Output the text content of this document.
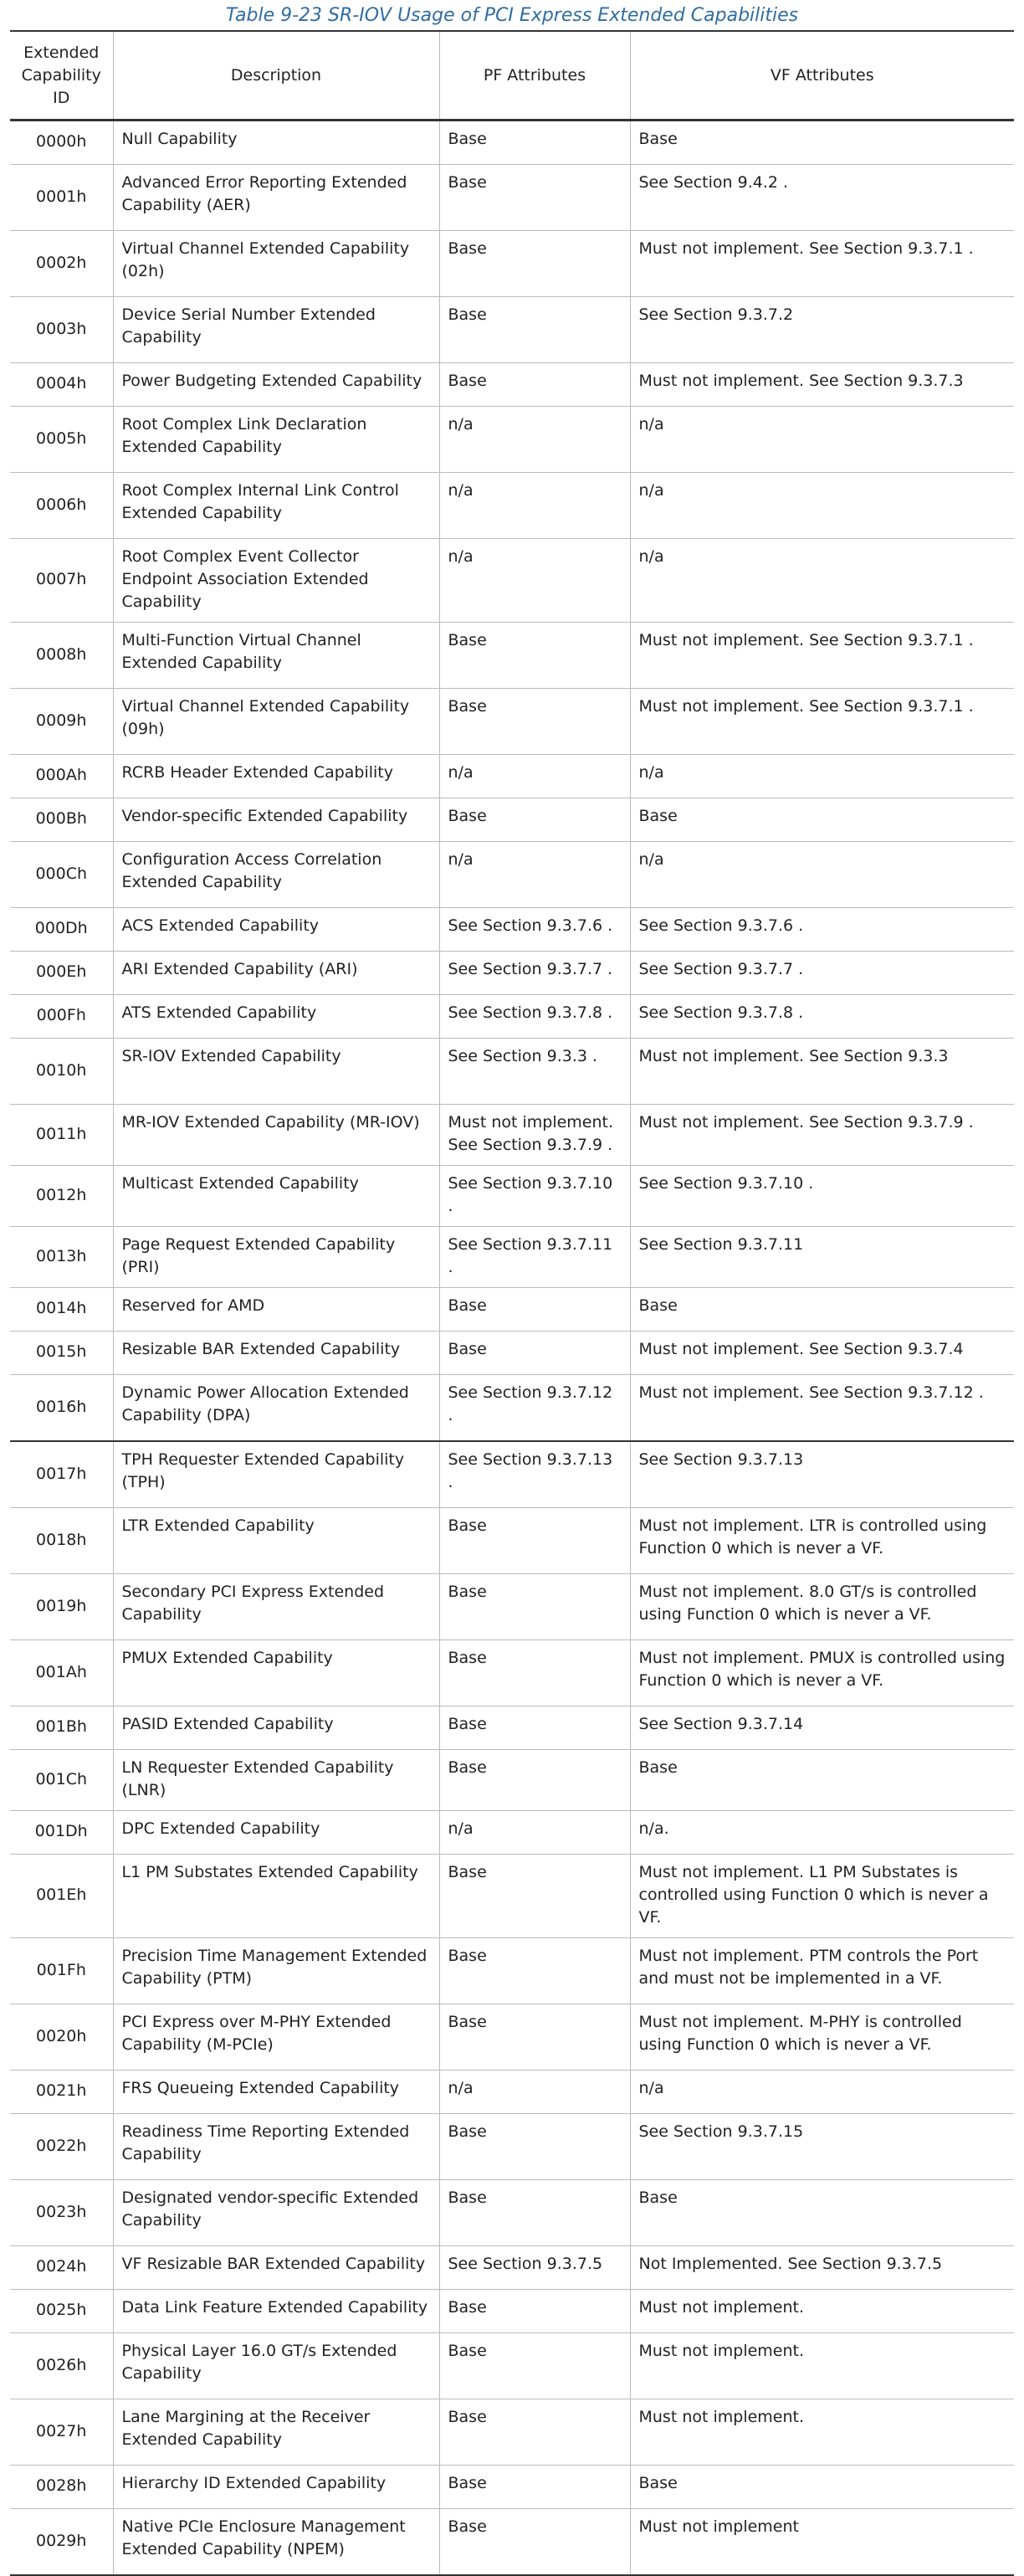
Table 9-23 SR-IOV Usage of PCI Express Extended Capabilities
Extended Capability ID	Description	PF Attributes	VF Attributes
0000h	Null Capability	Base	Base
0001h	Advanced Error Reporting Extended Capability (AER)	Base	See Section 9.4.2 .
0002h	Virtual Channel Extended Capability (02h)	Base	Must not implement. See Section 9.3.7.1 .
0003h	Device Serial Number Extended Capability	Base	See Section 9.3.7.2
0004h	Power Budgeting Extended Capability	Base	Must not implement. See Section 9.3.7.3
0005h	Root Complex Link Declaration Extended Capability	n/a	n/a
0006h	Root Complex Internal Link Control Extended Capability	n/a	n/a
0007h	Root Complex Event Collector Endpoint Association Extended Capability	n/a	n/a
0008h	Multi-Function Virtual Channel Extended Capability	Base	Must not implement. See Section 9.3.7.1 .
0009h	Virtual Channel Extended Capability (09h)	Base	Must not implement. See Section 9.3.7.1 .
000Ah	RCRB Header Extended Capability	n/a	n/a
000Bh	Vendor-specific Extended Capability	Base	Base
000Ch	Configuration Access Correlation Extended Capability	n/a	n/a
000Dh	ACS Extended Capability	See Section 9.3.7.6 .	See Section 9.3.7.6 .
000Eh	ARI Extended Capability (ARI)	See Section 9.3.7.7 .	See Section 9.3.7.7 .
000Fh	ATS Extended Capability	See Section 9.3.7.8 .	See Section 9.3.7.8 .
0010h	SR-IOV Extended Capability	See Section 9.3.3 .	Must not implement. See Section 9.3.3
0011h	MR-IOV Extended Capability (MR-IOV)	Must not implement. See Section 9.3.7.9 .	Must not implement. See Section 9.3.7.9 .
0012h	Multicast Extended Capability	See Section 9.3.7.10 .	See Section 9.3.7.10 .
0013h	Page Request Extended Capability (PRI)	See Section 9.3.7.11 .	See Section 9.3.7.11
0014h	Reserved for AMD	Base	Base
0015h	Resizable BAR Extended Capability	Base	Must not implement. See Section 9.3.7.4
0016h	Dynamic Power Allocation Extended Capability (DPA)	See Section 9.3.7.12 .	Must not implement. See Section 9.3.7.12 .
0017h	TPH Requester Extended Capability (TPH)	See Section 9.3.7.13 .	See Section 9.3.7.13
0018h	LTR Extended Capability	Base	Must not implement. LTR is controlled using Function 0 which is never a VF.
0019h	Secondary PCI Express Extended Capability	Base	Must not implement. 8.0 GT/s is controlled using Function 0 which is never a VF.
001Ah	PMUX Extended Capability	Base	Must not implement. PMUX is controlled using Function 0 which is never a VF.
001Bh	PASID Extended Capability	Base	See Section 9.3.7.14
001Ch	LN Requester Extended Capability (LNR)	Base	Base
001Dh	DPC Extended Capability	n/a	n/a.
001Eh	L1 PM Substates Extended Capability	Base	Must not implement. L1 PM Substates is controlled using Function 0 which is never a VF.
001Fh	Precision Time Management Extended Capability (PTM)	Base	Must not implement. PTM controls the Port and must not be implemented in a VF.
0020h	PCI Express over M-PHY Extended Capability (M-PCIe)	Base	Must not implement. M-PHY is controlled using Function 0 which is never a VF.
0021h	FRS Queueing Extended Capability	n/a	n/a
0022h	Readiness Time Reporting Extended Capability	Base	See Section 9.3.7.15
0023h	Designated vendor-specific Extended Capability	Base	Base
0024h	VF Resizable BAR Extended Capability	See Section 9.3.7.5	Not Implemented. See Section 9.3.7.5
0025h	Data Link Feature Extended Capability	Base	Must not implement.
0026h	Physical Layer 16.0 GT/s Extended Capability	Base	Must not implement.
0027h	Lane Margining at the Receiver Extended Capability	Base	Must not implement.
0028h	Hierarchy ID Extended Capability	Base	Base
0029h	Native PCIe Enclosure Management Extended Capability (NPEM)	Base	Must not implement
